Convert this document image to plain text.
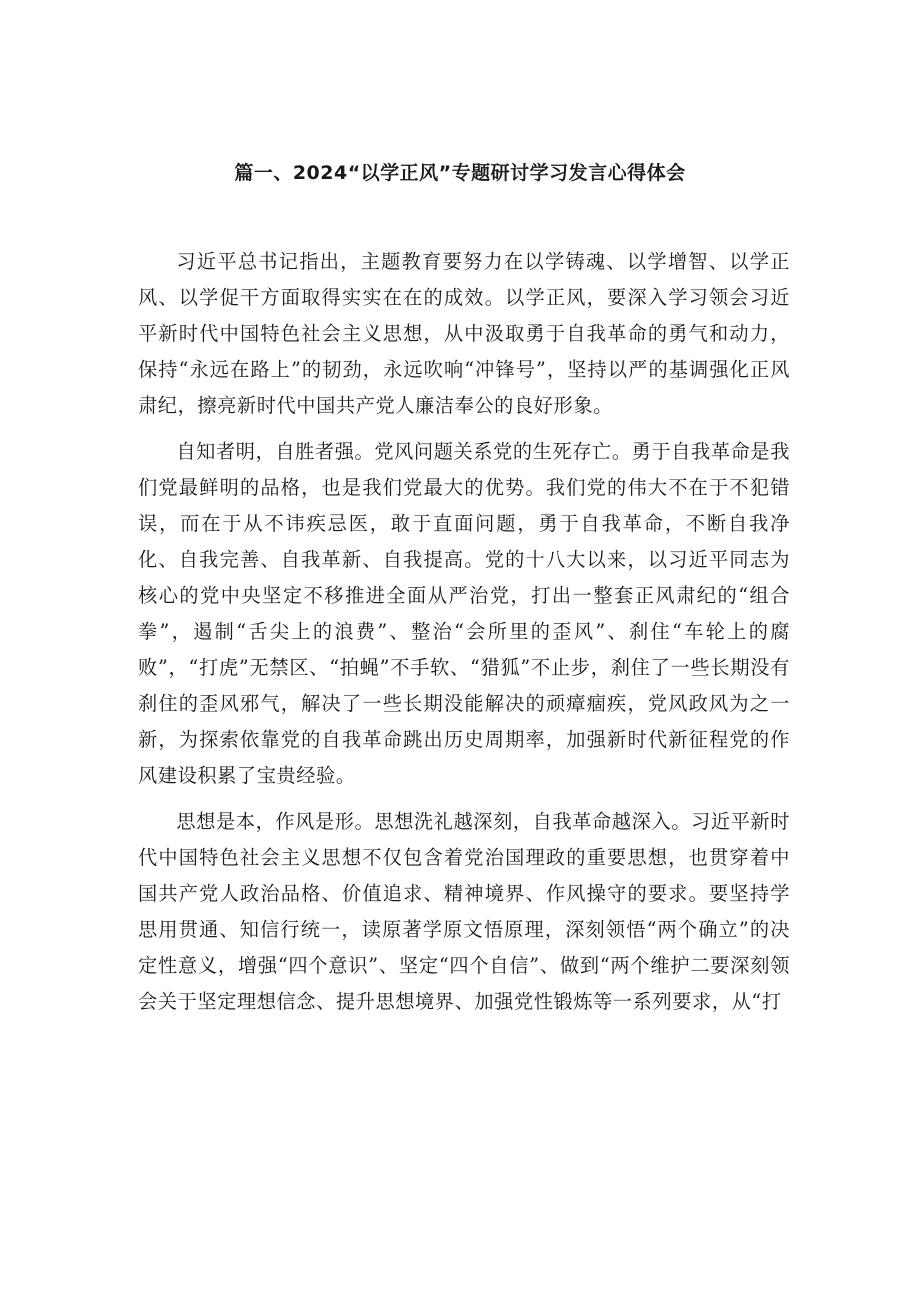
篇一、2024“以学正风”专题研讨学习发言心得体会

习近平总书记指出，主题教育要努力在以学铸魂、以学增智、以学正风、以学促干方面取得实实在在的成效。以学正风，要深入学习领会习近平新时代中国特色社会主义思想，从中汲取勇于自我革命的勇气和动力，保持“永远在路上”的韧劲，永远吹响“冲锋号”，坚持以严的基调强化正风肃纪，擦亮新时代中国共产党人廉洁奉公的良好形象。

自知者明，自胜者强。党风问题关系党的生死存亡。勇于自我革命是我们党最鲜明的品格，也是我们党最大的优势。我们党的伟大不在于不犯错误，而在于从不讳疾忌医，敢于直面问题，勇于自我革命，不断自我净化、自我完善、自我革新、自我提高。党的十八大以来，以习近平同志为核心的党中央坚定不移推进全面从严治党，打出一整套正风肃纪的“组合拳”，遏制“舌尖上的浪费”、整治“会所里的歪风”、刹住“车轮上的腐败”，“打虎”无禁区、“拍蝇”不手软、“猎狐”不止步，刹住了一些长期没有刹住的歪风邪气，解决了一些长期没能解决的顽瘴痼疾，党风政风为之一新，为探索依靠党的自我革命跳出历史周期率，加强新时代新征程党的作风建设积累了宝贵经验。

思想是本，作风是形。思想洗礼越深刻，自我革命越深入。习近平新时代中国特色社会主义思想不仅包含着党治国理政的重要思想，也贯穿着中国共产党人政治品格、价值追求、精神境界、作风操守的要求。要坚持学思用贯通、知信行统一，读原著学原文悟原理，深刻领悟“两个确立”的决定性意义，增强“四个意识”、坚定“四个自信”、做到“两个维护二要深刻领会关于坚定理想信念、提升思想境界、加强党性锻炼等一系列要求，从“打
